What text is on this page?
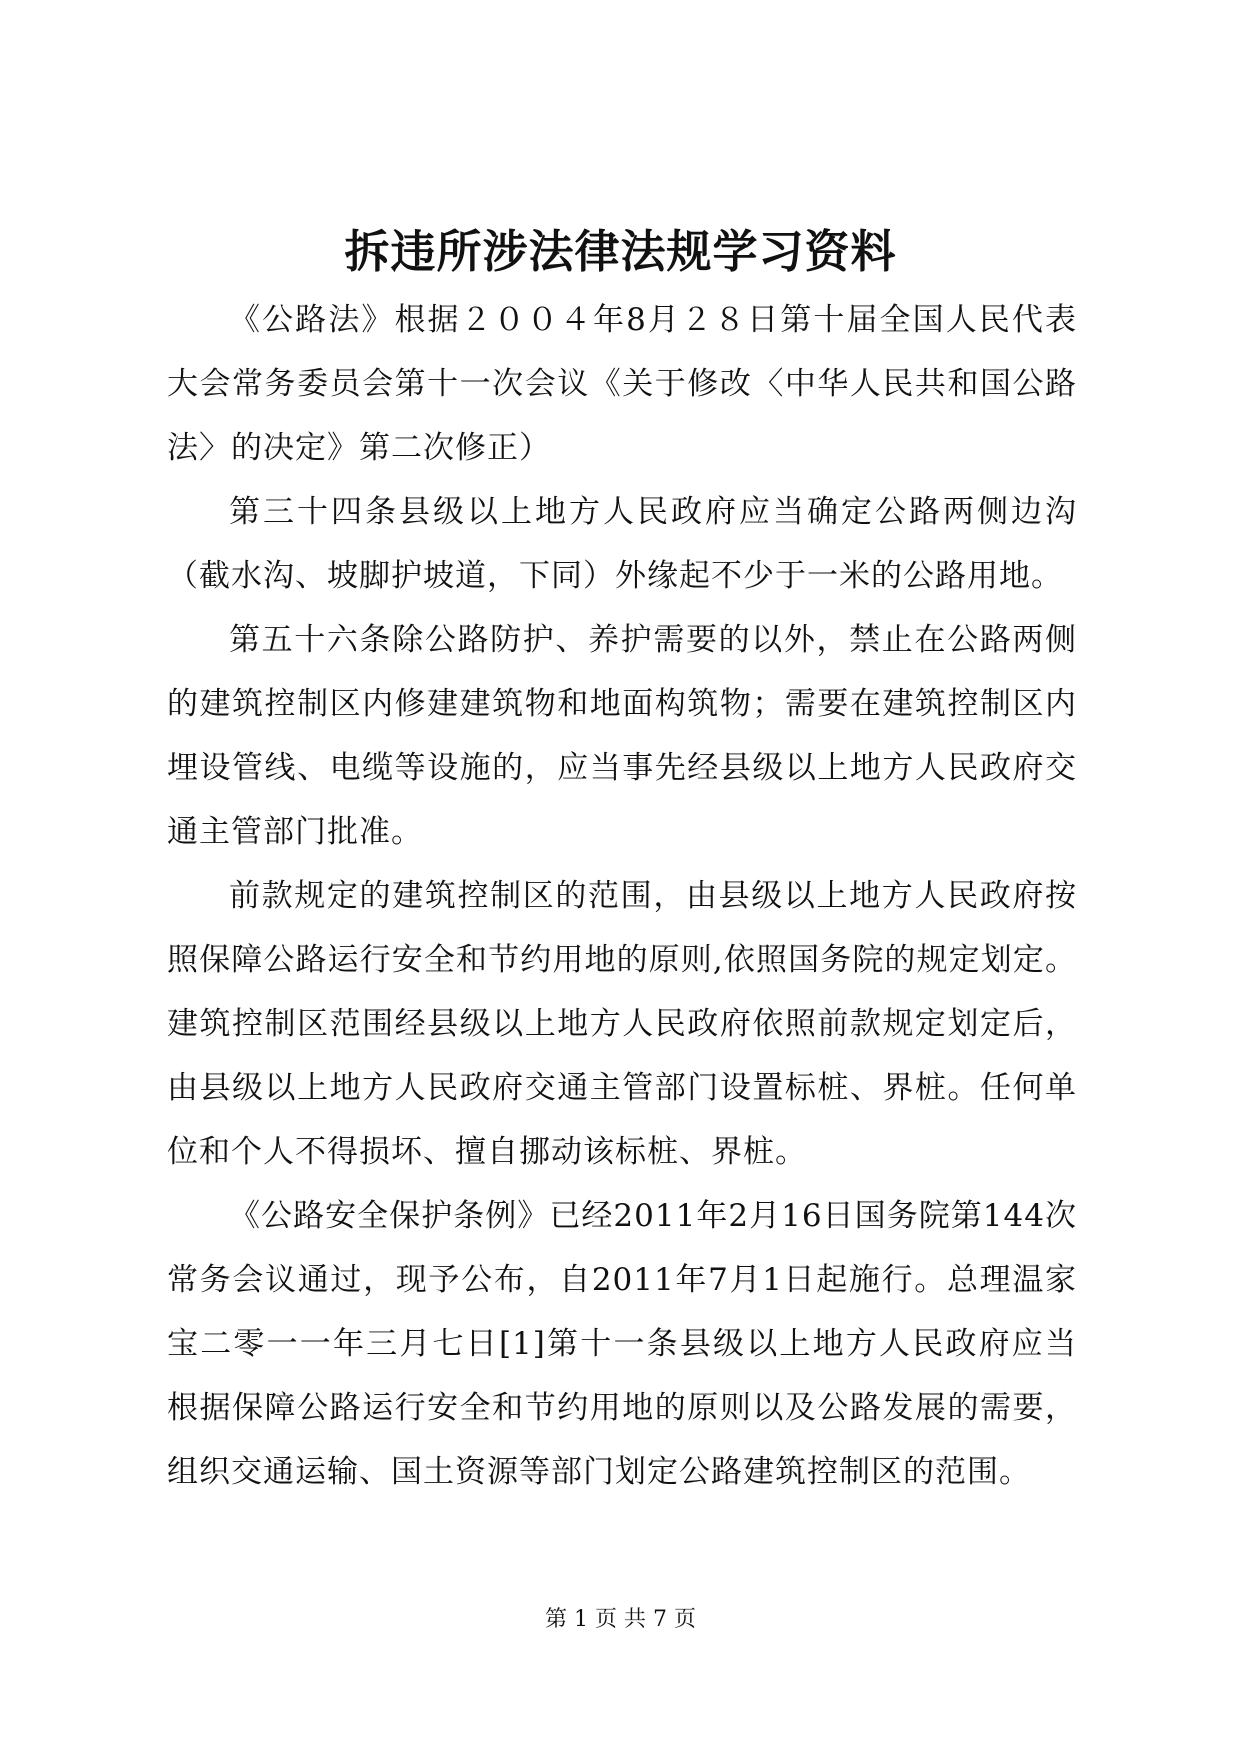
拆违所涉法律法规学习资料

《公路法》根据２００４年8月２８日第十届全国人民代表大会常务委员会第十一次会议《关于修改〈中华人民共和国公路法〉的决定》第二次修正）

第三十四条县级以上地方人民政府应当确定公路两侧边沟（截水沟、坡脚护坡道，下同）外缘起不少于一米的公路用地。

第五十六条除公路防护、养护需要的以外，禁止在公路两侧的建筑控制区内修建建筑物和地面构筑物；需要在建筑控制区内埋设管线、电缆等设施的，应当事先经县级以上地方人民政府交通主管部门批准。

前款规定的建筑控制区的范围，由县级以上地方人民政府按照保障公路运行安全和节约用地的原则,依照国务院的规定划定。建筑控制区范围经县级以上地方人民政府依照前款规定划定后，由县级以上地方人民政府交通主管部门设置标桩、界桩。任何单位和个人不得损坏、擅自挪动该标桩、界桩。

《公路安全保护条例》已经2011年2月16日国务院第144次常务会议通过，现予公布，自2011年7月1日起施行。总理温家宝二零一一年三月七日[1]第十一条县级以上地方人民政府应当根据保障公路运行安全和节约用地的原则以及公路发展的需要，组织交通运输、国土资源等部门划定公路建筑控制区的范围。

第 1 页 共 7 页
